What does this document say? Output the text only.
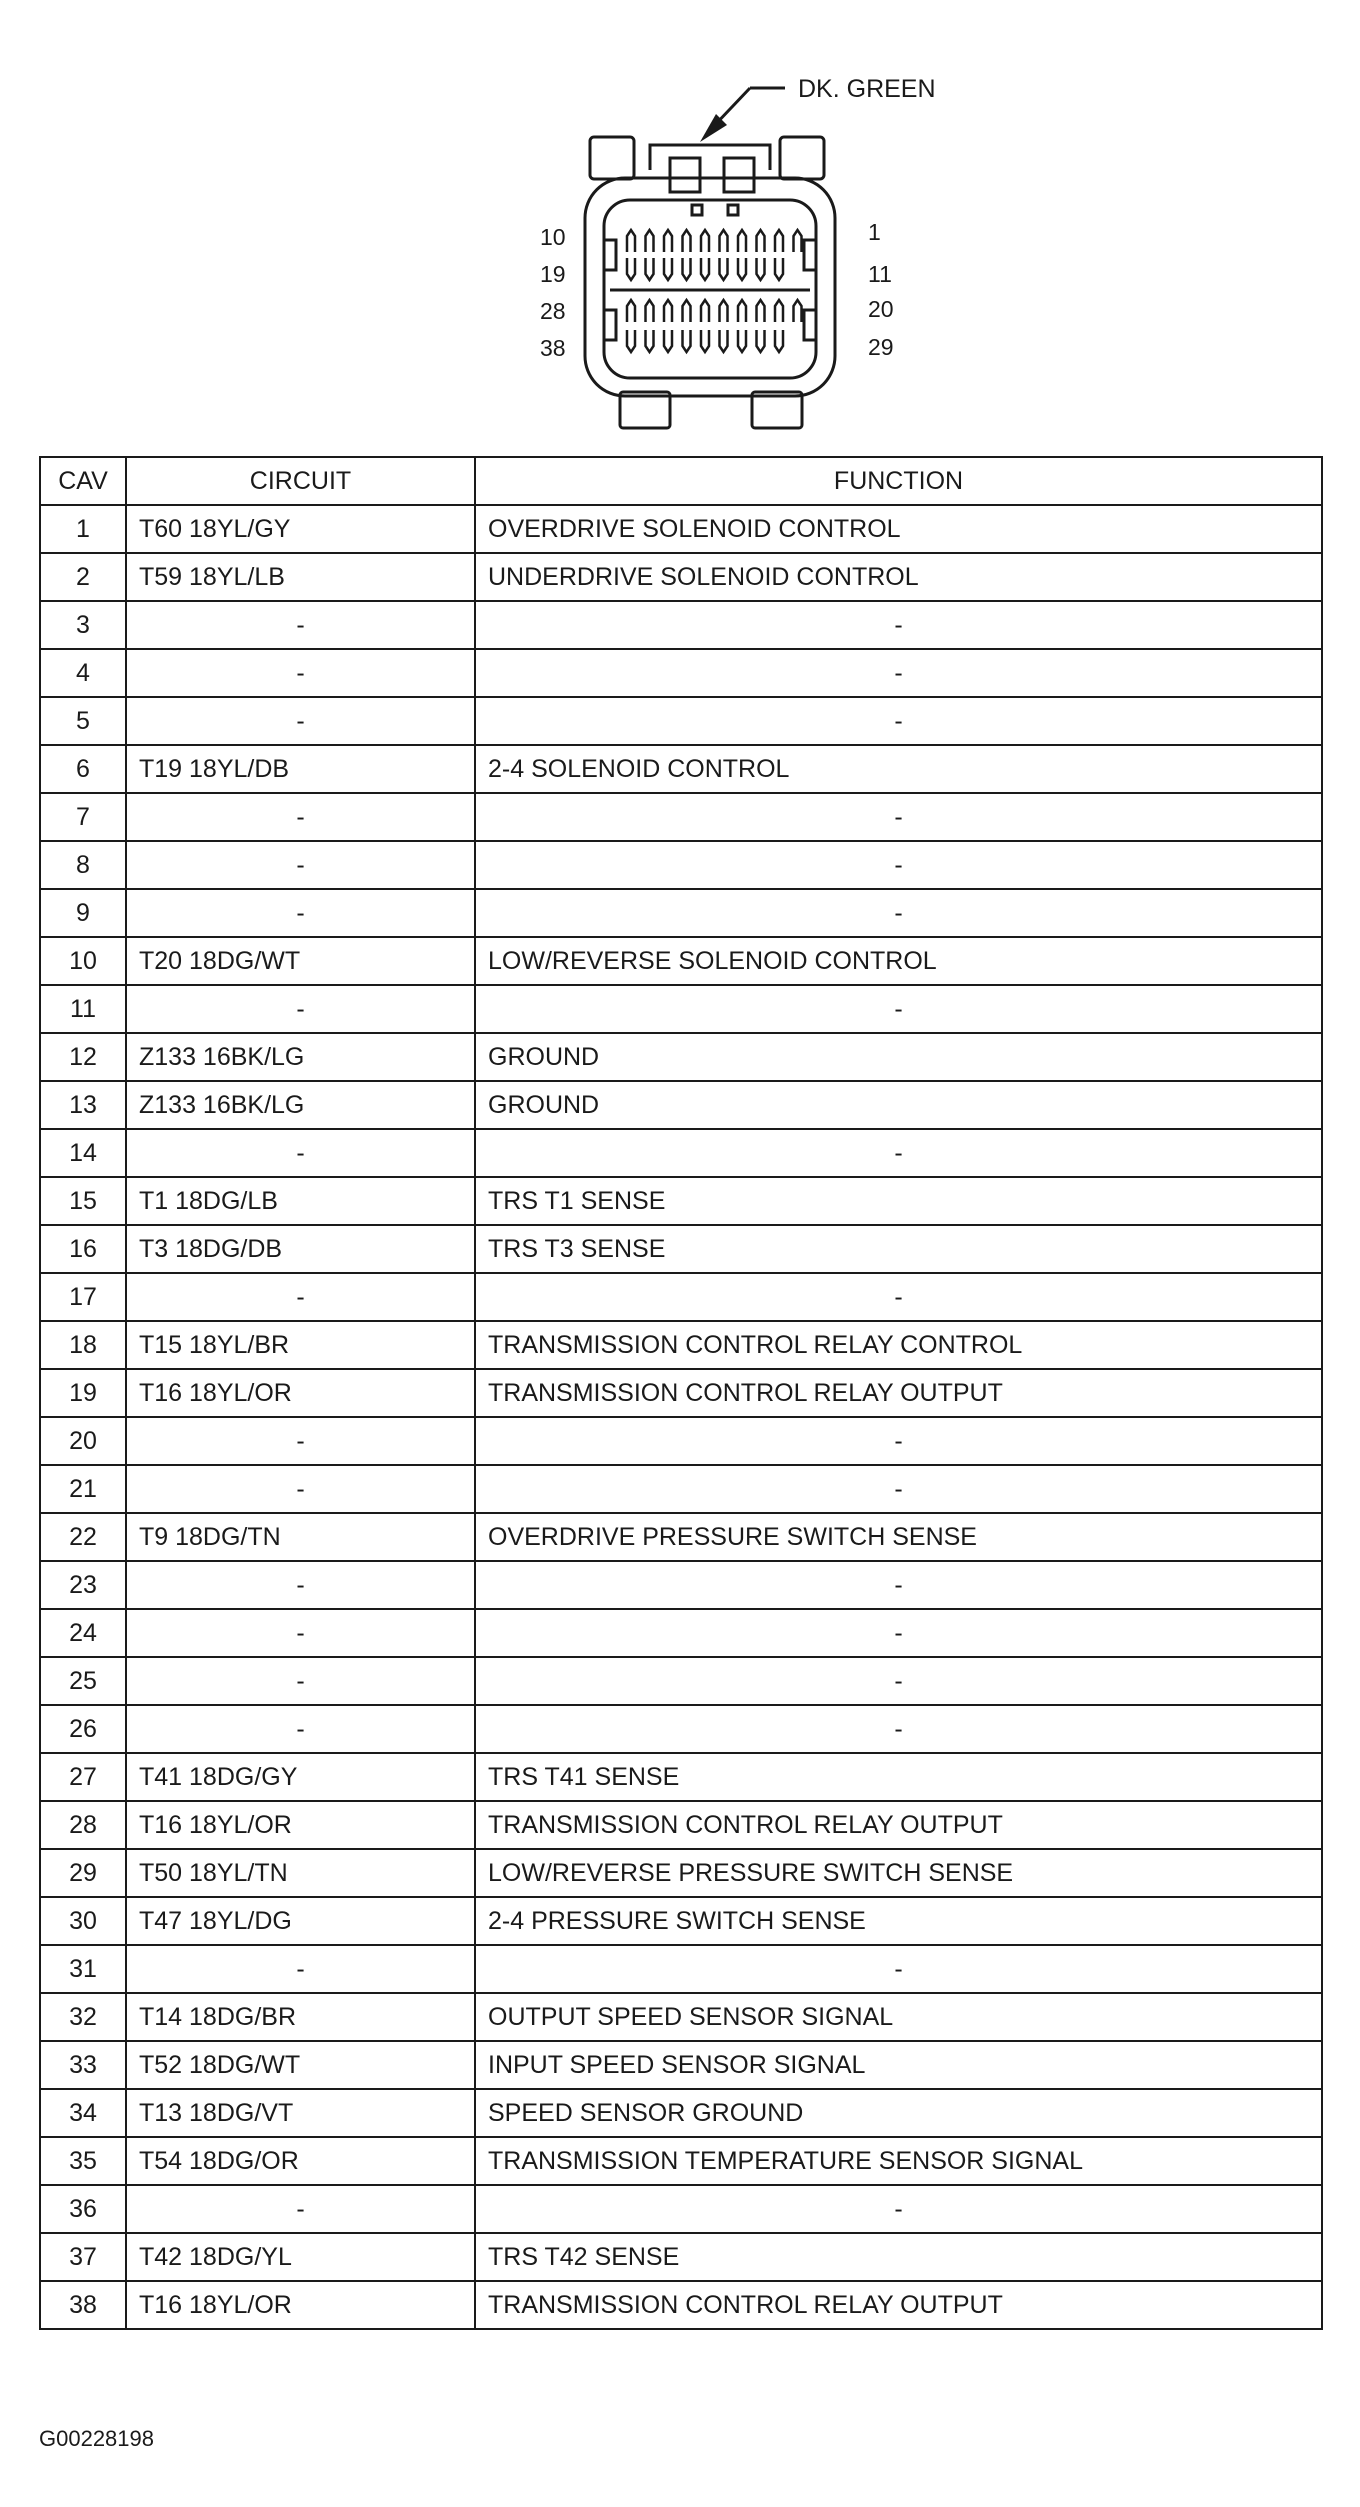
DK. GREEN
10
19
28
38
1
11
20
29
CAV	CIRCUIT	FUNCTION
1	T60 18YL/GY	OVERDRIVE SOLENOID CONTROL
2	T59 18YL/LB	UNDERDRIVE SOLENOID CONTROL
3	-	-
4	-	-
5	-	-
6	T19 18YL/DB	2-4 SOLENOID CONTROL
7	-	-
8	-	-
9	-	-
10	T20 18DG/WT	LOW/REVERSE SOLENOID CONTROL
11	-	-
12	Z133 16BK/LG	GROUND
13	Z133 16BK/LG	GROUND
14	-	-
15	T1 18DG/LB	TRS T1 SENSE
16	T3 18DG/DB	TRS T3 SENSE
17	-	-
18	T15 18YL/BR	TRANSMISSION CONTROL RELAY CONTROL
19	T16 18YL/OR	TRANSMISSION CONTROL RELAY OUTPUT
20	-	-
21	-	-
22	T9 18DG/TN	OVERDRIVE PRESSURE SWITCH SENSE
23	-	-
24	-	-
25	-	-
26	-	-
27	T41 18DG/GY	TRS T41 SENSE
28	T16 18YL/OR	TRANSMISSION CONTROL RELAY OUTPUT
29	T50 18YL/TN	LOW/REVERSE PRESSURE SWITCH SENSE
30	T47 18YL/DG	2-4 PRESSURE SWITCH SENSE
31	-	-
32	T14 18DG/BR	OUTPUT SPEED SENSOR SIGNAL
33	T52 18DG/WT	INPUT SPEED SENSOR SIGNAL
34	T13 18DG/VT	SPEED SENSOR GROUND
35	T54 18DG/OR	TRANSMISSION TEMPERATURE SENSOR SIGNAL
36	-	-
37	T42 18DG/YL	TRS T42 SENSE
38	T16 18YL/OR	TRANSMISSION CONTROL RELAY OUTPUT
G00228198
